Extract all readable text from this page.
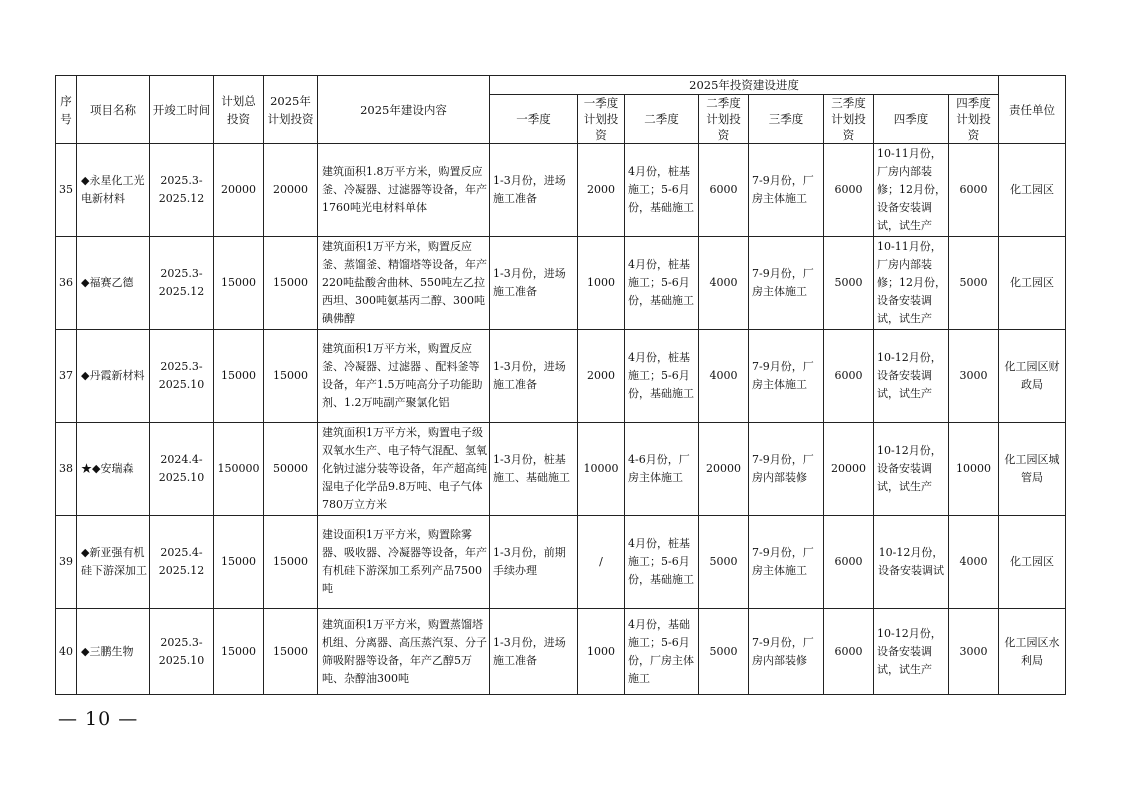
序号	项目名称	开竣工时间	计划总投资	2025年计划投资	2025年建设内容	2025年投资建设进度								责任单位
						一季度	一季度计划投资	二季度	二季度计划投资	三季度	三季度计划投资	四季度	四季度计划投资	
35	◆永星化工光电新材料	2025.3-2025.12	20000	20000	建筑面积1.8万平方米，购置反应釜、冷凝器、过滤器等设备，年产1760吨光电材料单体	1-3月份，进场施工准备	2000	4月份，桩基施工；5-6月份，基础施工	6000	7-9月份，厂房主体施工	6000	10-11月份，厂房内部装修；12月份，设备安装调试，试生产	6000	化工园区
36	◆福赛乙德	2025.3-2025.12	15000	15000	建筑面积1万平方米，购置反应釜、蒸馏釜、精馏塔等设备，年产220吨盐酸舍曲林、550吨左乙拉西坦、300吨氨基丙二醇、300吨碘佛醇	1-3月份，进场施工准备	1000	4月份，桩基施工；5-6月份，基础施工	4000	7-9月份，厂房主体施工	5000	10-11月份，厂房内部装修；12月份，设备安装调试，试生产	5000	化工园区
37	◆丹霞新材料	2025.3-2025.10	15000	15000	建筑面积1万平方米，购置反应釜、冷凝器、过滤器 、配料釜等设备，年产1.5万吨高分子功能助剂、1.2万吨副产聚氯化铝	1-3月份，进场施工准备	2000	4月份，桩基施工；5-6月份，基础施工	4000	7-9月份，厂房主体施工	6000	10-12月份，设备安装调试，试生产	3000	化工园区财政局
38	★◆安瑞森	2024.4-2025.10	150000	50000	建筑面积1万平方米，购置电子级双氧水生产、电子特气混配、氢氧化钠过滤分装等设备，年产超高纯湿电子化学品9.8万吨、电子气体780万立方米	1-3月份，桩基施工、基础施工	10000	4-6月份，厂房主体施工	20000	7-9月份，厂房内部装修	20000	10-12月份，设备安装调试，试生产	10000	化工园区城管局
39	◆新亚强有机硅下游深加工	2025.4-2025.12	15000	15000	建设面积1万平方米，购置除雾器、吸收器、冷凝器等设备，年产有机硅下游深加工系列产品7500吨	1-3月份，前期手续办理	/	4月份，桩基施工；5-6月份，基础施工	5000	7-9月份，厂房主体施工	6000	10-12月份，设备安装调试	4000	化工园区
40	◆三鹏生物	2025.3-2025.10	15000	15000	建筑面积1万平方米，购置蒸馏塔机组、分离器、高压蒸汽泵、分子筛吸附器等设备，年产乙醇5万吨、杂醇油300吨	1-3月份，进场施工准备	1000	4月份，基础施工；5-6月份，厂房主体施工	5000	7-9月份，厂房内部装修	6000	10-12月份，设备安装调试，试生产	3000	化工园区水利局
— 10 —
